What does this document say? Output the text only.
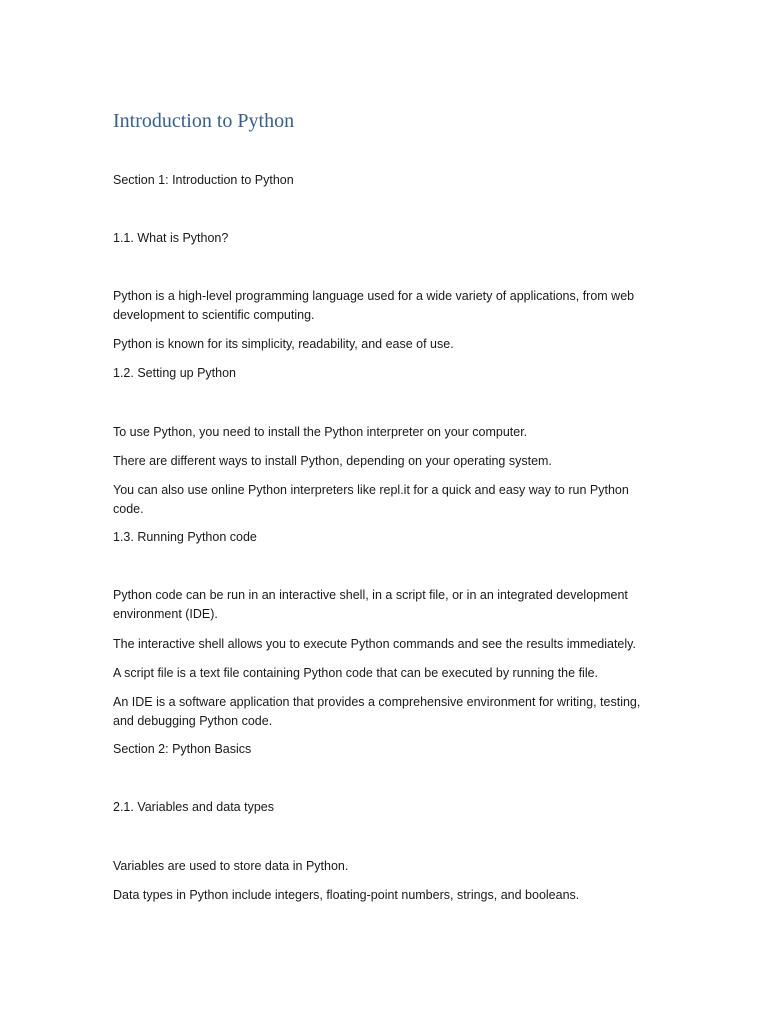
Introduction to Python

Section 1: Introduction to Python

1.1. What is Python?

Python is a high-level programming language used for a wide variety of applications, from web development to scientific computing.

Python is known for its simplicity, readability, and ease of use.

1.2. Setting up Python

To use Python, you need to install the Python interpreter on your computer.

There are different ways to install Python, depending on your operating system.

You can also use online Python interpreters like repl.it for a quick and easy way to run Python code.

1.3. Running Python code

Python code can be run in an interactive shell, in a script file, or in an integrated development environment (IDE).

The interactive shell allows you to execute Python commands and see the results immediately.

A script file is a text file containing Python code that can be executed by running the file.

An IDE is a software application that provides a comprehensive environment for writing, testing, and debugging Python code.

Section 2: Python Basics

2.1. Variables and data types

Variables are used to store data in Python.

Data types in Python include integers, floating-point numbers, strings, and booleans.
